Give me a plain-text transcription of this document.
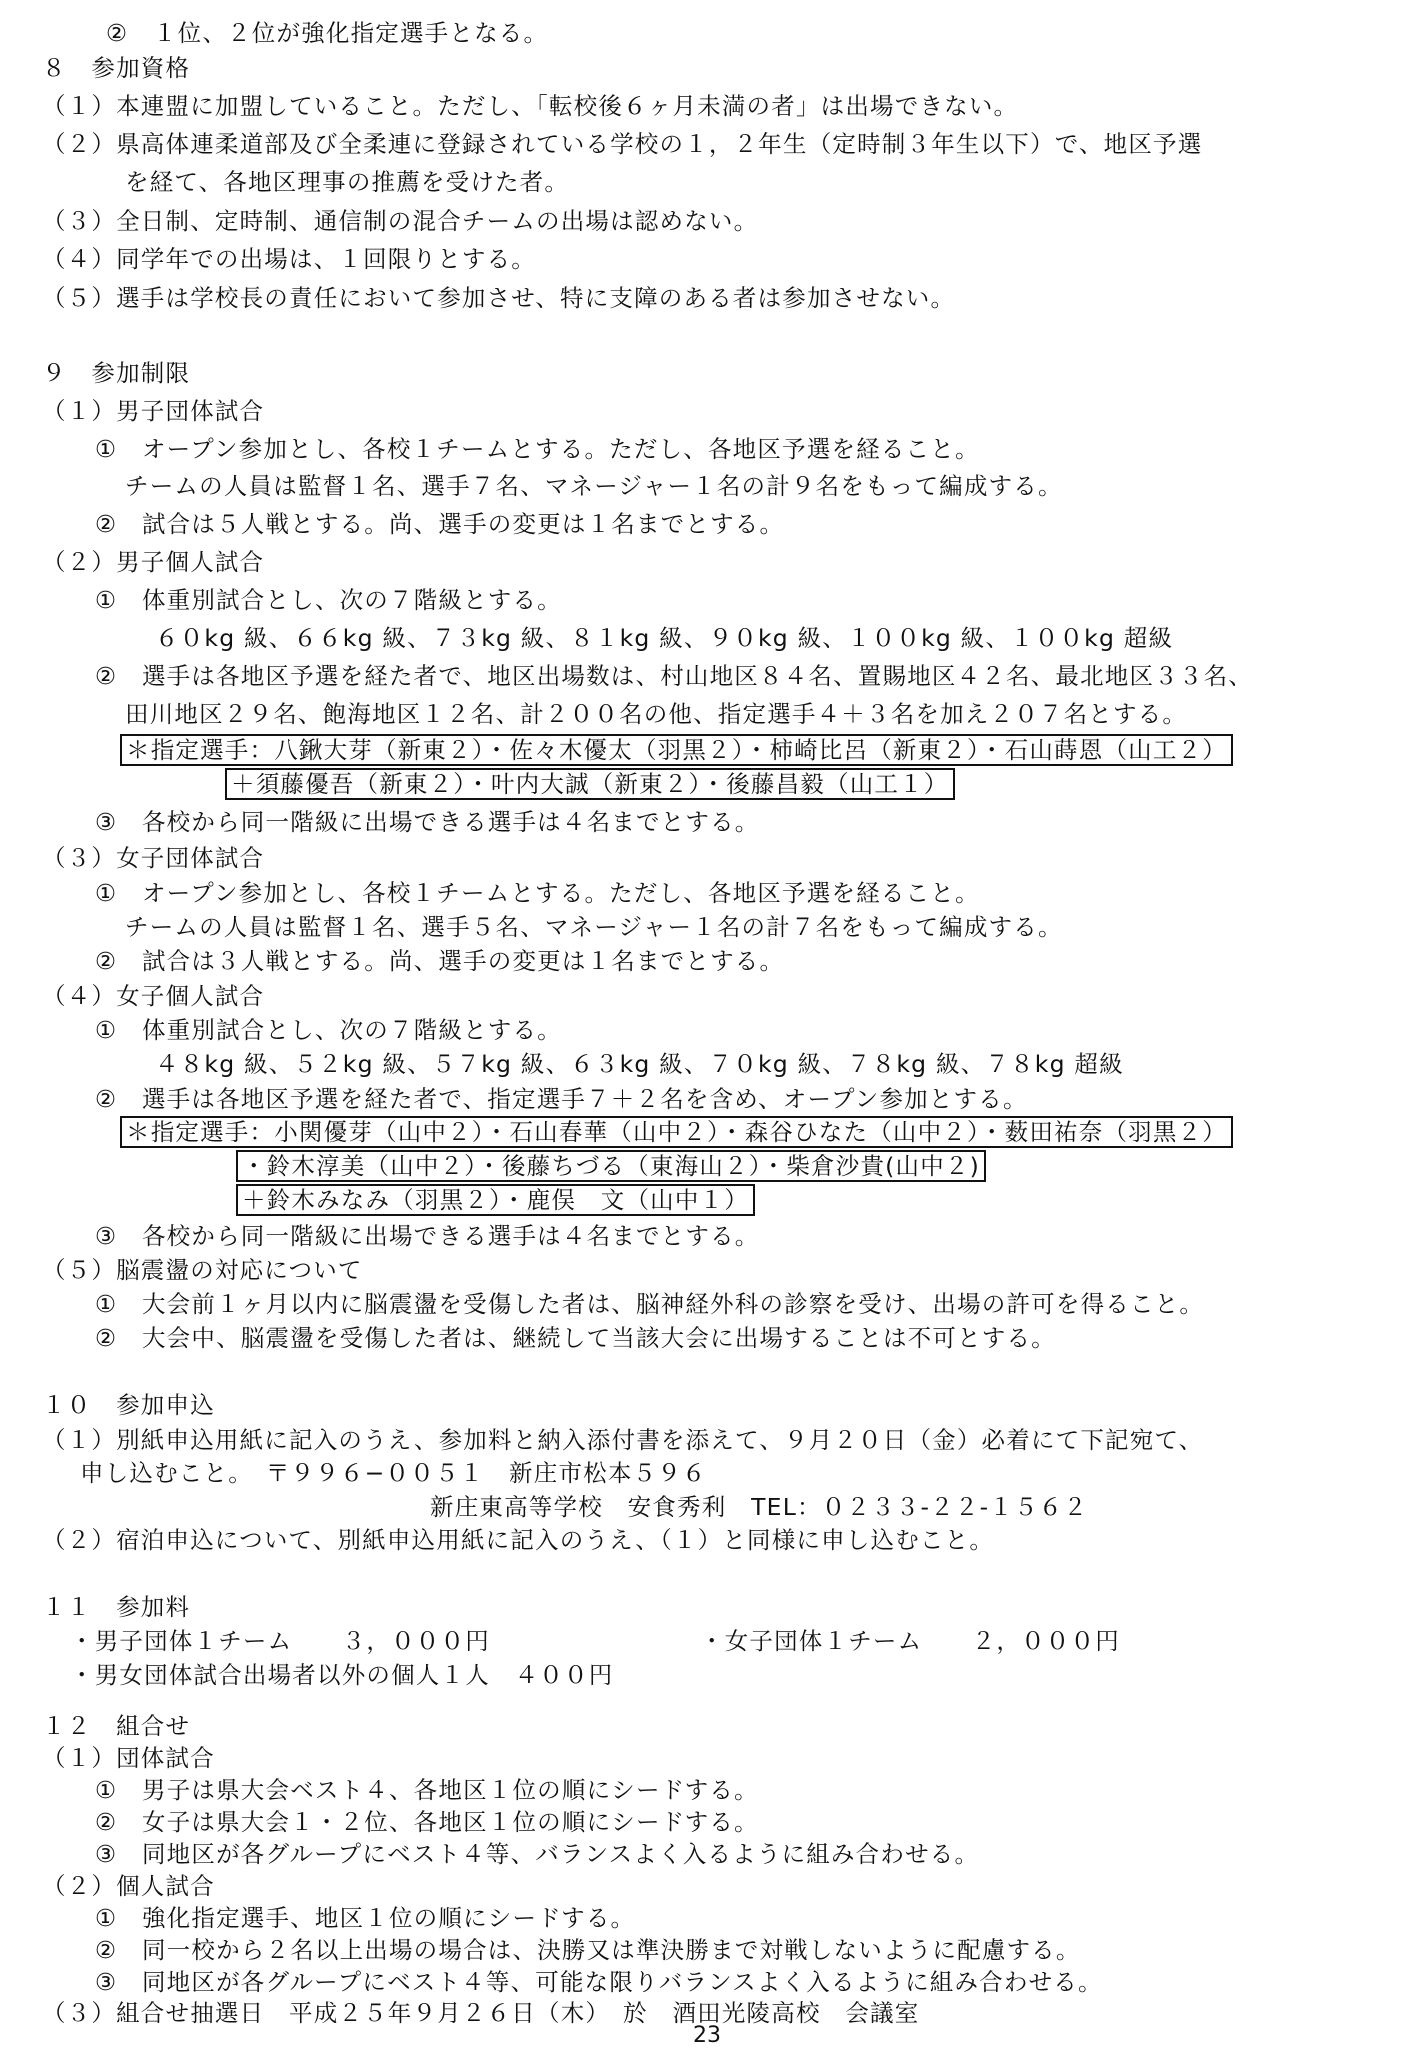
②　１位、２位が強化指定選手となる。
８　参加資格
（１）本連盟に加盟していること。ただし、「転校後６ヶ月未満の者」は出場できない。
（２）県高体連柔道部及び全柔連に登録されている学校の１，２年生（定時制３年生以下）で、地区予選
を経て、各地区理事の推薦を受けた者。
（３）全日制、定時制、通信制の混合チームの出場は認めない。
（４）同学年での出場は、１回限りとする。
（５）選手は学校長の責任において参加させ、特に支障のある者は参加させない。
９　参加制限
（１）男子団体試合
①　オープン参加とし、各校１チームとする。ただし、各地区予選を経ること。
チームの人員は監督１名、選手７名、マネージャー１名の計９名をもって編成する。
②　試合は５人戦とする。尚、選手の変更は１名までとする。
（２）男子個人試合
①　体重別試合とし、次の７階級とする。
６０kg 級、６６kg 級、７３kg 級、８１kg 級、９０kg 級、１００kg 級、１００kg 超級
②　選手は各地区予選を経た者で、地区出場数は、村山地区８４名、置賜地区４２名、最北地区３３名、
田川地区２９名、飽海地区１２名、計２００名の他、指定選手４＋３名を加え２０７名とする。
＊指定選手：八鍬大芽（新東２）・佐々木優太（羽黒２）・柿崎比呂（新東２）・石山蒔恩（山工２）
＋須藤優吾（新東２）・叶内大誠（新東２）・後藤昌毅（山工１）
③　各校から同一階級に出場できる選手は４名までとする。
（３）女子団体試合
①　オープン参加とし、各校１チームとする。ただし、各地区予選を経ること。
チームの人員は監督１名、選手５名、マネージャー１名の計７名をもって編成する。
②　試合は３人戦とする。尚、選手の変更は１名までとする。
（４）女子個人試合
①　体重別試合とし、次の７階級とする。
４８kg 級、５２kg 級、５７kg 級、６３kg 級、７０kg 級、７８kg 級、７８kg 超級
②　選手は各地区予選を経た者で、指定選手７＋２名を含め、オープン参加とする。
＊指定選手：小関優芽（山中２）・石山春華（山中２）・森谷ひなた（山中２）・薮田祐奈（羽黒２）
・鈴木淳美（山中２）・後藤ちづる（東海山２）・柴倉沙貴(山中２)
＋鈴木みなみ（羽黒２）・鹿俣　文（山中１）
③　各校から同一階級に出場できる選手は４名までとする。
（５）脳震盪の対応について
①　大会前１ヶ月以内に脳震盪を受傷した者は、脳神経外科の診察を受け、出場の許可を得ること。
②　大会中、脳震盪を受傷した者は、継続して当該大会に出場することは不可とする。
１０　参加申込
（１）別紙申込用紙に記入のうえ、参加料と納入添付書を添えて、９月２０日（金）必着にて下記宛て、
申し込むこと。　〒９９６−００５１　新庄市松本５９６
新庄東高等学校　安食秀利　TEL：０２３３-２２-１５６２
（２）宿泊申込について、別紙申込用紙に記入のうえ、（１）と同様に申し込むこと。
１１　参加料
・男子団体１チーム　　３，０００円	・女子団体１チーム　　２，０００円
・男女団体試合出場者以外の個人１人　４００円
１２　組合せ
（１）団体試合
①　男子は県大会ベスト４、各地区１位の順にシードする。
②　女子は県大会１・２位、各地区１位の順にシードする。
③　同地区が各グループにベスト４等、バランスよく入るように組み合わせる。
（２）個人試合
①　強化指定選手、地区１位の順にシードする。
②　同一校から２名以上出場の場合は、決勝又は準決勝まで対戦しないように配慮する。
③　同地区が各グループにベスト４等、可能な限りバランスよく入るように組み合わせる。
（３）組合せ抽選日　平成２５年９月２６日（木）　於　酒田光陵高校　会議室
23
